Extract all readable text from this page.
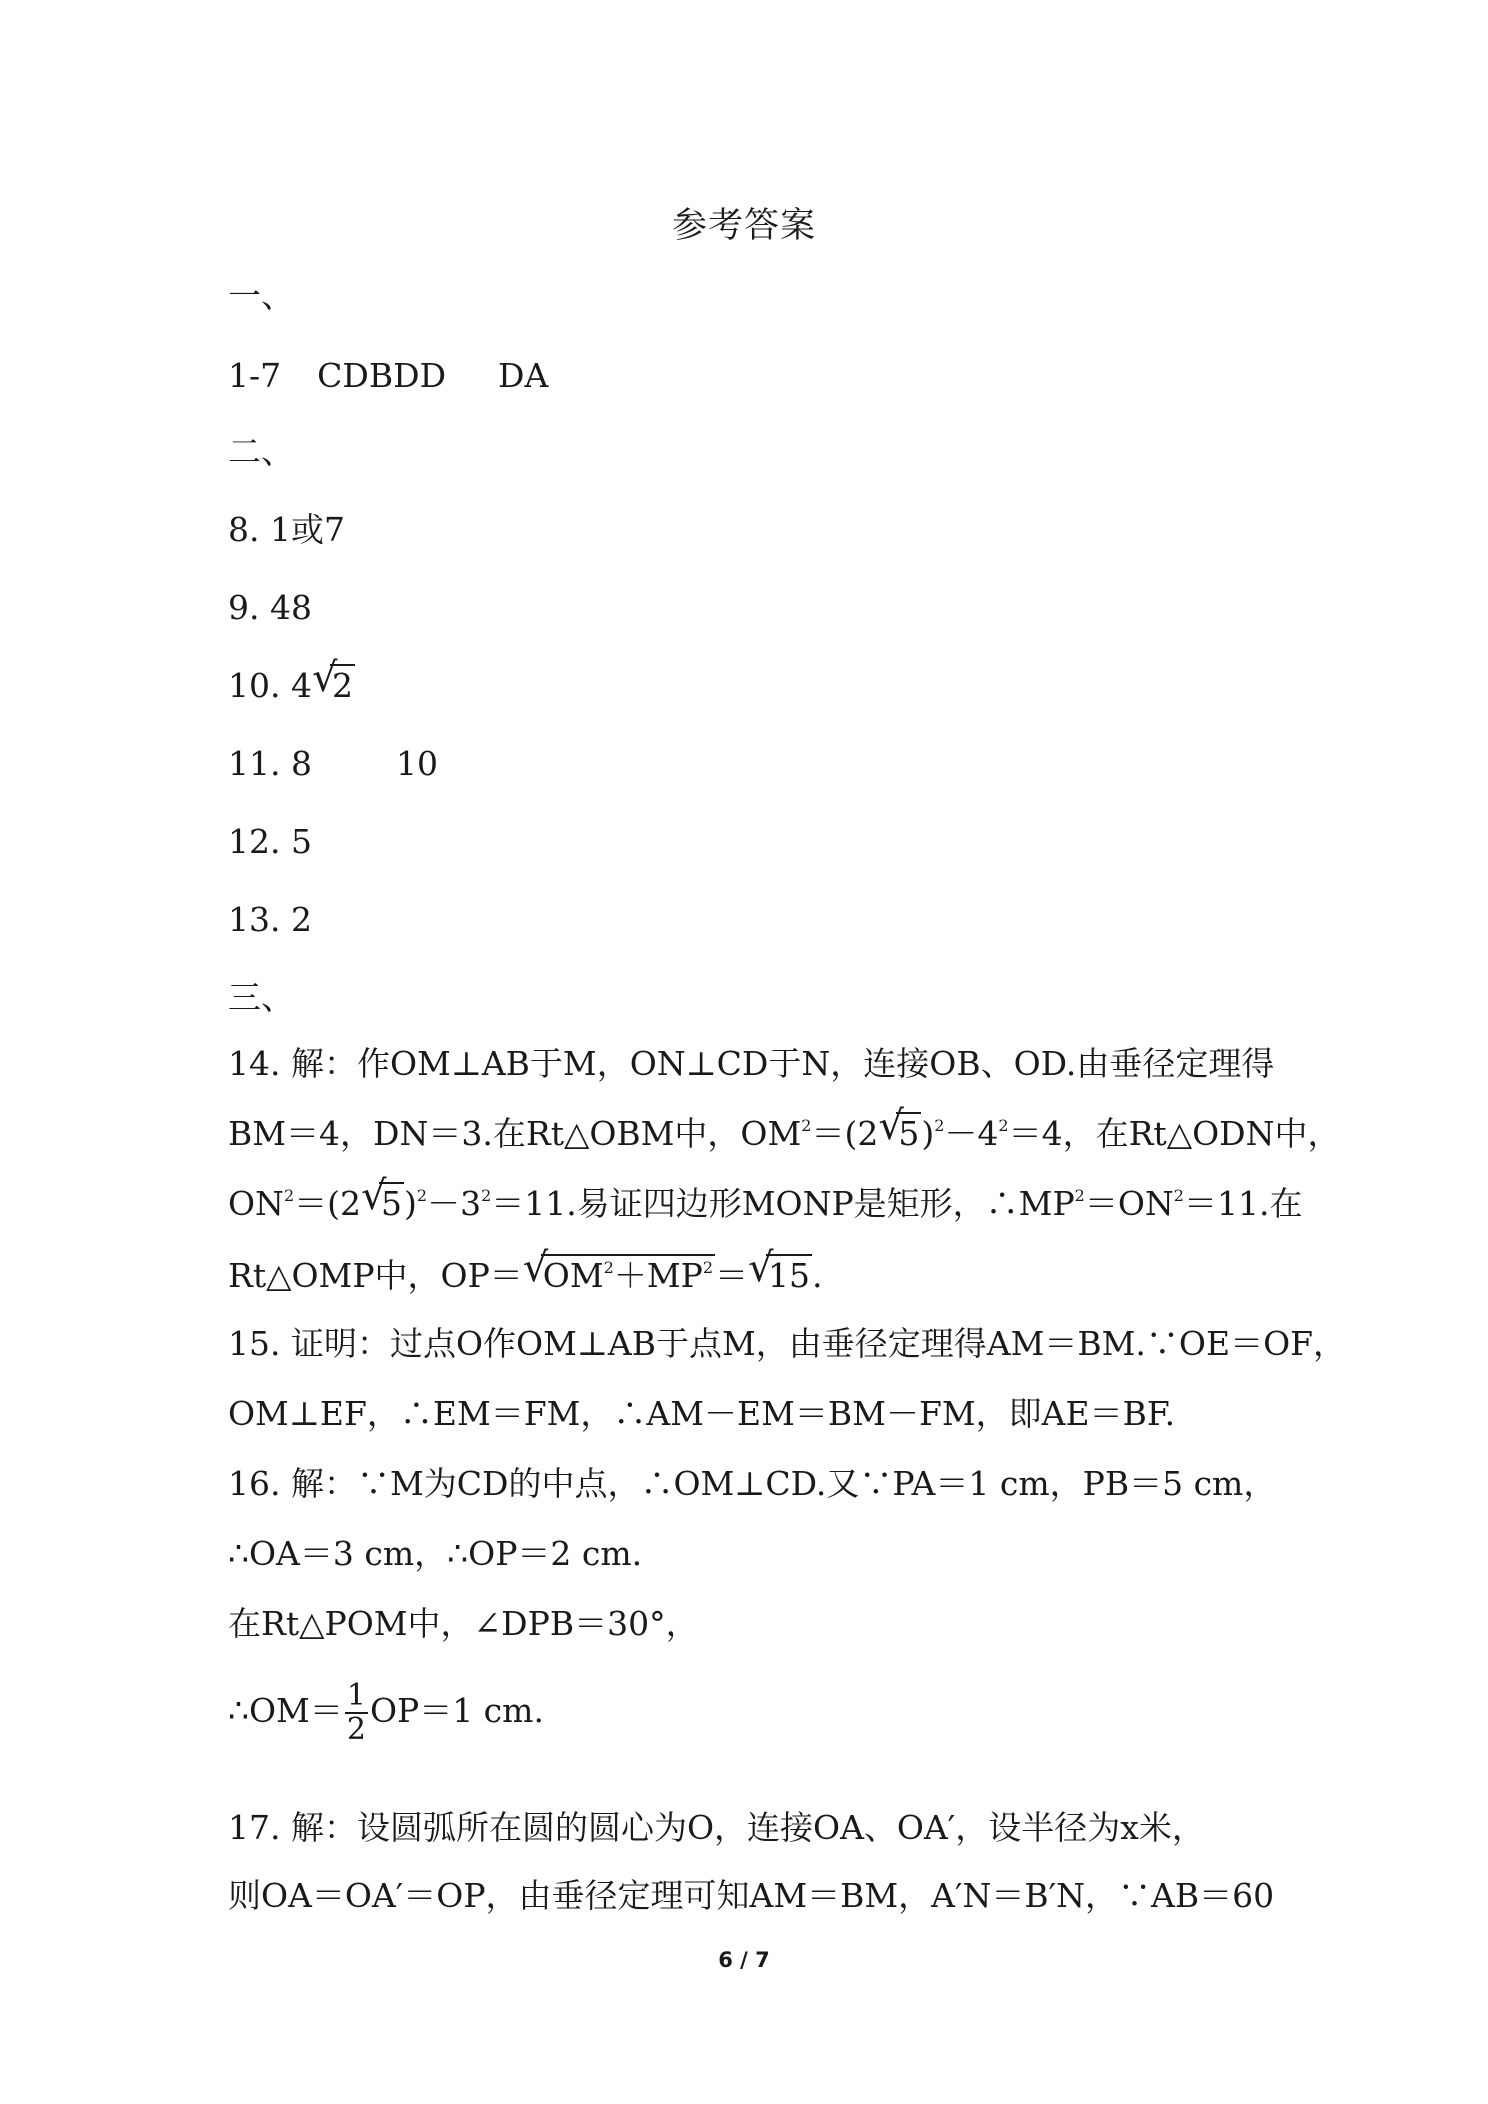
参考答案
一、
1-7 CDBDD DA
二、
8. 1或7
9. 48
10. 4 √
2
11. 8	10
12. 5
13. 2
三、
14. 解：作OM⊥AB于M，ON⊥CD于N，连接OB、OD.由垂径定理得
BM＝4，DN＝3.在Rt△OBM中，$OM^2=(2$ √
$5)^2-4^2=4$，在Rt△ODN中，
$ON^2=(2$ √
$5)^2-3^2=11$.易证四边形MONP是矩形，$\therefore MP^2=ON^2=11$.在
Rt△OMP中，OP＝ √
$OM^2+MP^2=$ √
15.
15. 证明：过点O作OM⊥AB于点M，由垂径定理得AM＝BM.∵OE＝OF，
OM⊥EF，∴EM＝FM，∴AM－EM＝BM－FM，即AE＝BF.
16. 解：∵M为CD的中点，∴OM⊥CD.又∵PA＝1 cm，PB＝5 cm，
∴OA＝3 cm，∴OP＝2 cm.
在Rt△POM中，∠DPB＝30°，
∴OM＝ $\frac{1}{2} OP=1$ cm.
17. 解：设圆弧所在圆的圆心为O，连接OA、OA′，设半径为x米，
则OA＝OA′＝OP，由垂径定理可知AM＝BM，A′N＝B′N，∵AB＝60
6 / 7
